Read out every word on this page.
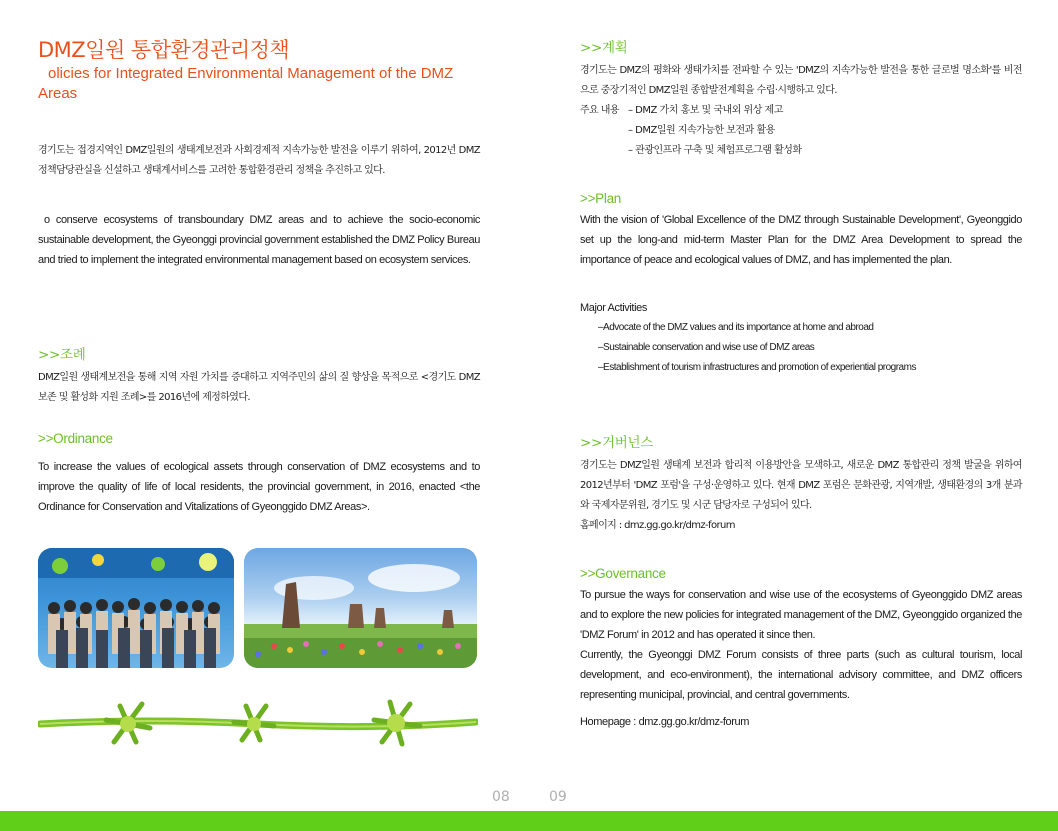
DMZ일원 통합환경관리정책
olicies for Integrated Environmental Management of the DMZ Areas
경기도는 접경지역인 DMZ일원의 생태계보전과 사회경제적 지속가능한 발전을 이루기 위하여, 2012년 DMZ정책담당관실을 신설하고 생태계서비스를 고려한 통합환경관리 정책을 추진하고 있다.
o conserve ecosystems of transboundary DMZ areas and to achieve the socio-economic sustainable development, the Gyeonggi provincial government established the DMZ Policy Bureau and tried to implement the integrated environmental management based on ecosystem services.
>>조례
DMZ일원 생태계보전을 통해 지역 자원 가치를 증대하고 지역주민의 삶의 질 향상을 목적으로 <경기도 DMZ 보존 및 활성화 지원 조례>를 2016년에 제정하였다.
>>Ordinance
To increase the values of ecological assets through conservation of DMZ ecosystems and to improve the quality of life of local residents, the provincial government, in 2016, enacted <the Ordinance for Conservation and Vitalizations of Gyeonggido DMZ Areas>.
>>계획
경기도는 DMZ의 평화와 생태가치를 전파할 수 있는 'DMZ의 지속가능한 발전을 통한 글로벌 명소화'를 비전으로 중장기적인 DMZ일원 종합발전계획을 수립·시행하고 있다.
주요 내용 – DMZ 가치 홍보 및 국내외 위상 제고
– DMZ일원 지속가능한 보전과 활용
– 관광인프라 구축 및 체험프로그램 활성화
>>Plan
With the vision of 'Global Excellence of the DMZ through Sustainable Development', Gyeonggido set up the long-and mid-term Master Plan for the DMZ Area Development to spread the importance of peace and ecological values of DMZ, and has implemented the plan.
Major Activities
–Advocate of the DMZ values and its importance at home and abroad
–Sustainable conservation and wise use of DMZ areas
–Establishment of tourism infrastructures and promotion of experiential programs
>>거버넌스
경기도는 DMZ일원 생태계 보전과 합리적 이용방안을 모색하고, 새로운 DMZ 통합관리 정책 발굴을 위하여 2012년부터 'DMZ 포럼'을 구성·운영하고 있다. 현재 DMZ 포럼은 문화관광, 지역개발, 생태환경의 3개 분과와 국제자문위원, 경기도 및 시군 담당자로 구성되어 있다.
홈페이지 : dmz.gg.go.kr/dmz-forum
>>Governance
To pursue the ways for conservation and wise use of the ecosystems of Gyeonggido DMZ areas and to explore the new policies for integrated management of the DMZ, Gyeonggido organized the 'DMZ Forum' in 2012 and has operated it since then.
Currently, the Gyeonggi DMZ Forum consists of three parts (such as cultural tourism, local development, and eco-environment), the international advisory committee, and DMZ officers representing municipal, provincial, and central governments.
Homepage : dmz.gg.go.kr/dmz-forum
08	09
